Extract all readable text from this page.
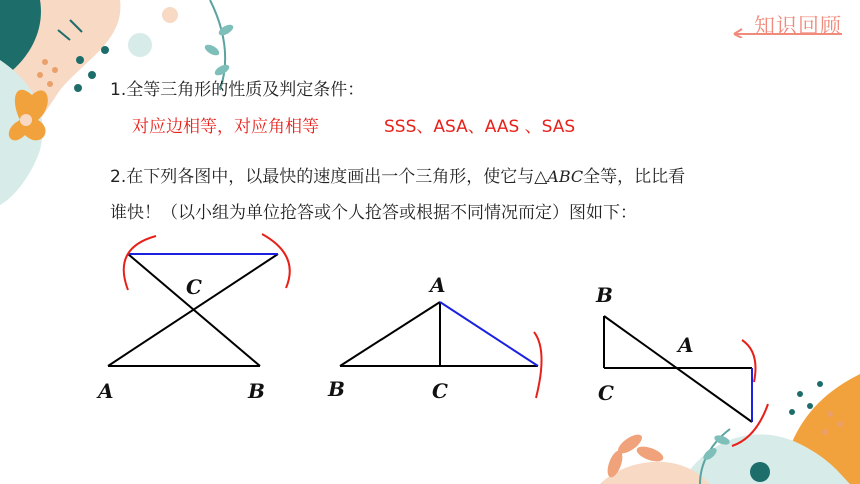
知识回顾
1.全等三角形的性质及判定条件：
对应边相等，对应角相等	SSS、ASA、AAS 、SAS
2.在下列各图中，以最快的速度画出一个三角形，使它与△ABC全等，比比看
谁快！（以小组为单位抢答或个人抢答或根据不同情况而定）图如下：
C
A	B
A
B	C
B
A
C
